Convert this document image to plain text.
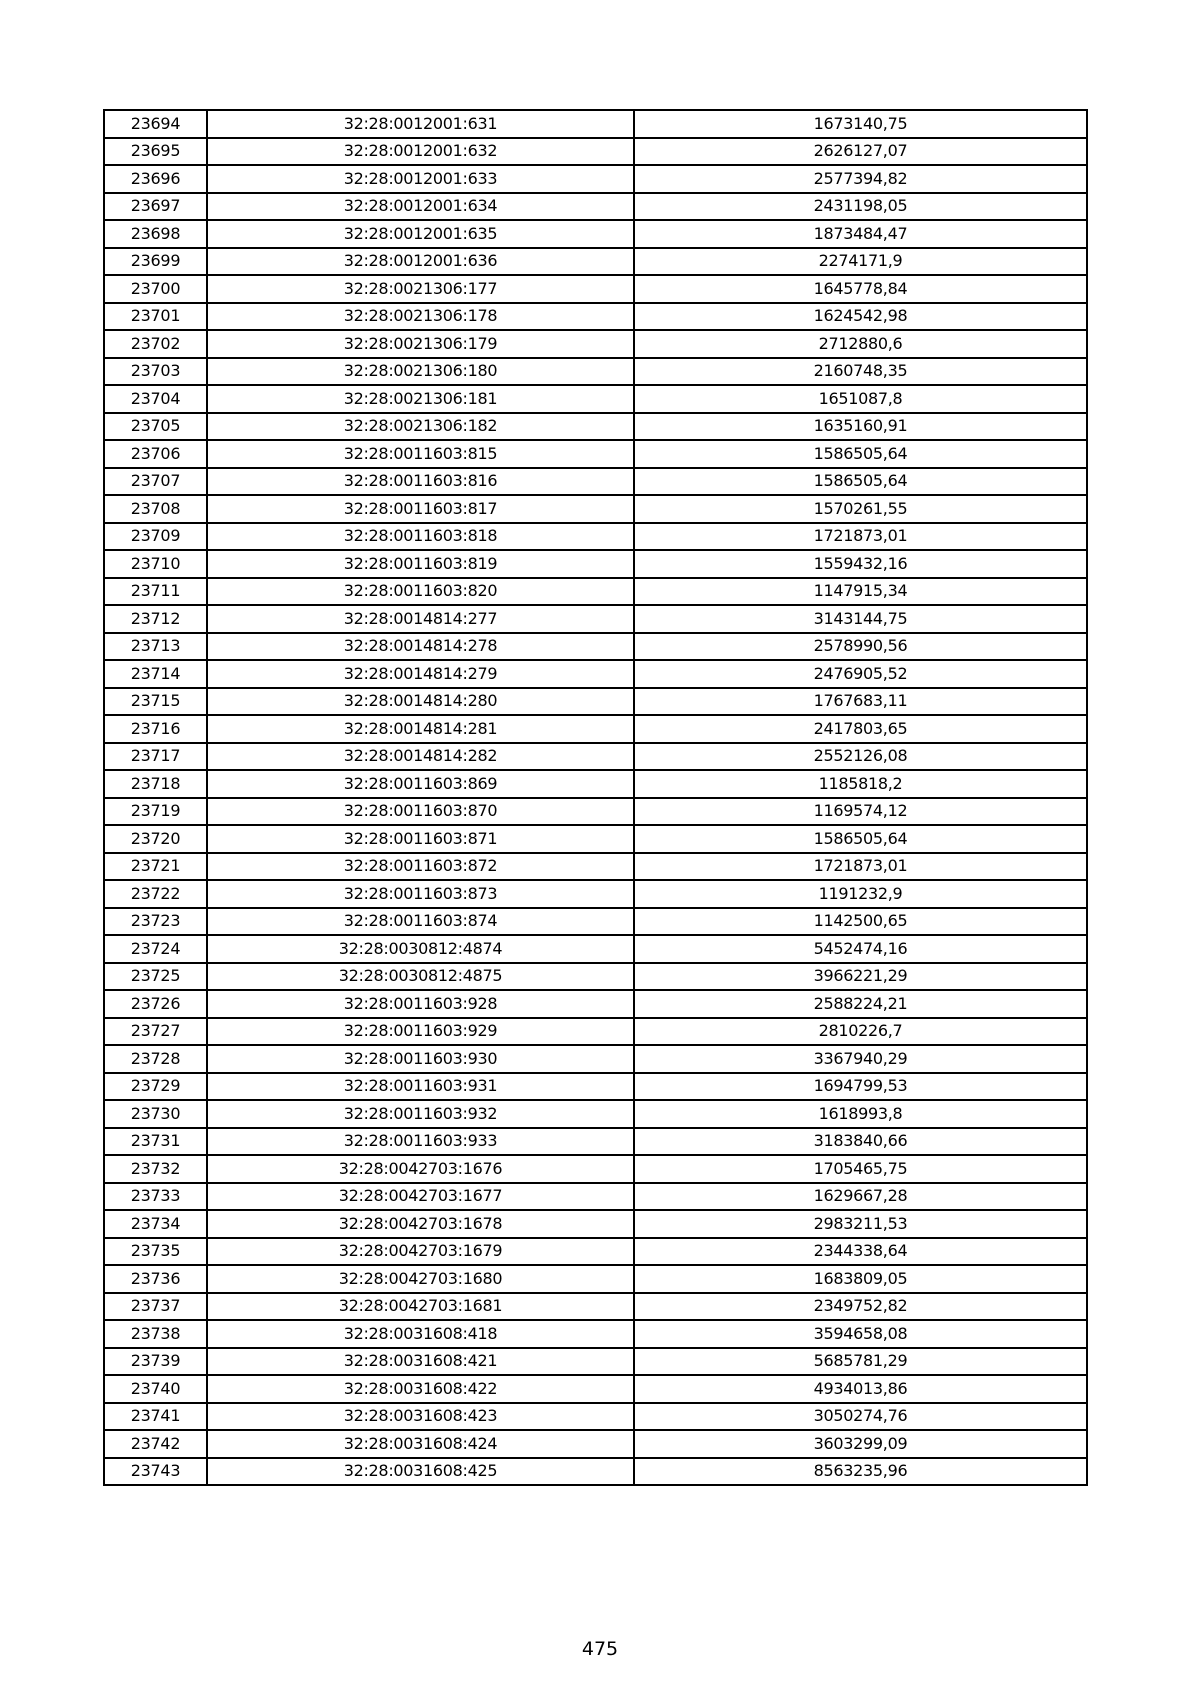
23694	32:28:0012001:631	1673140,75
23695	32:28:0012001:632	2626127,07
23696	32:28:0012001:633	2577394,82
23697	32:28:0012001:634	2431198,05
23698	32:28:0012001:635	1873484,47
23699	32:28:0012001:636	2274171,9
23700	32:28:0021306:177	1645778,84
23701	32:28:0021306:178	1624542,98
23702	32:28:0021306:179	2712880,6
23703	32:28:0021306:180	2160748,35
23704	32:28:0021306:181	1651087,8
23705	32:28:0021306:182	1635160,91
23706	32:28:0011603:815	1586505,64
23707	32:28:0011603:816	1586505,64
23708	32:28:0011603:817	1570261,55
23709	32:28:0011603:818	1721873,01
23710	32:28:0011603:819	1559432,16
23711	32:28:0011603:820	1147915,34
23712	32:28:0014814:277	3143144,75
23713	32:28:0014814:278	2578990,56
23714	32:28:0014814:279	2476905,52
23715	32:28:0014814:280	1767683,11
23716	32:28:0014814:281	2417803,65
23717	32:28:0014814:282	2552126,08
23718	32:28:0011603:869	1185818,2
23719	32:28:0011603:870	1169574,12
23720	32:28:0011603:871	1586505,64
23721	32:28:0011603:872	1721873,01
23722	32:28:0011603:873	1191232,9
23723	32:28:0011603:874	1142500,65
23724	32:28:0030812:4874	5452474,16
23725	32:28:0030812:4875	3966221,29
23726	32:28:0011603:928	2588224,21
23727	32:28:0011603:929	2810226,7
23728	32:28:0011603:930	3367940,29
23729	32:28:0011603:931	1694799,53
23730	32:28:0011603:932	1618993,8
23731	32:28:0011603:933	3183840,66
23732	32:28:0042703:1676	1705465,75
23733	32:28:0042703:1677	1629667,28
23734	32:28:0042703:1678	2983211,53
23735	32:28:0042703:1679	2344338,64
23736	32:28:0042703:1680	1683809,05
23737	32:28:0042703:1681	2349752,82
23738	32:28:0031608:418	3594658,08
23739	32:28:0031608:421	5685781,29
23740	32:28:0031608:422	4934013,86
23741	32:28:0031608:423	3050274,76
23742	32:28:0031608:424	3603299,09
23743	32:28:0031608:425	8563235,96
475
